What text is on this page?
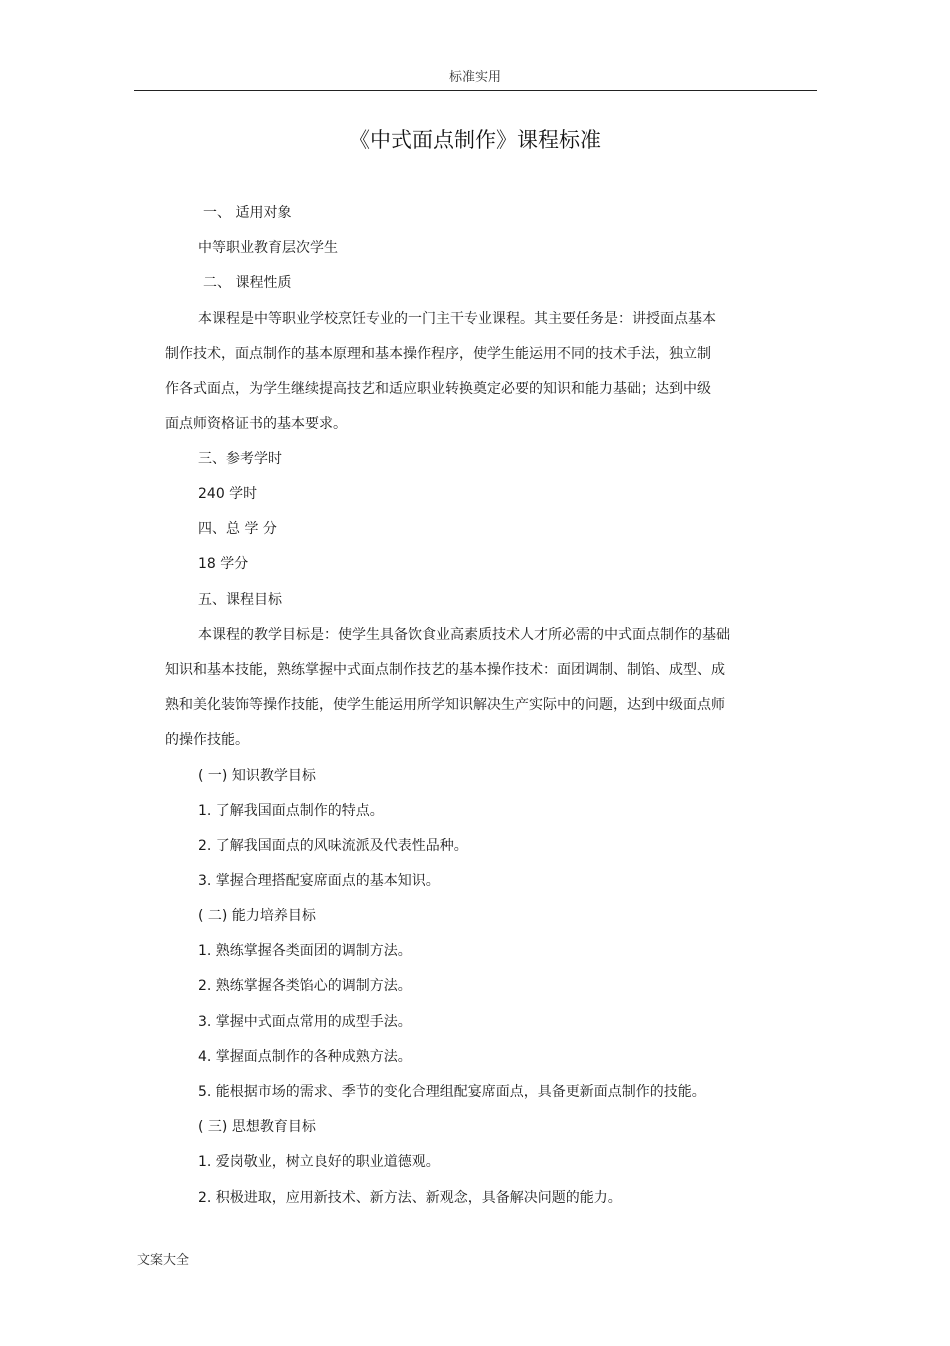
标准实用
《中式面点制作》课程标准
一、 适用对象
中等职业教育层次学生
二、 课程性质
本课程是中等职业学校烹饪专业的一门主干专业课程。其主要任务是：讲授面点基本
制作技术，面点制作的基本原理和基本操作程序，使学生能运用不同的技术手法，独立制
作各式面点，为学生继续提高技艺和适应职业转换奠定必要的知识和能力基础；达到中级
面点师资格证书的基本要求。
三、参考学时
240 学时
四、总 学 分
18 学分
五、课程目标
本课程的教学目标是：使学生具备饮食业高素质技术人才所必需的中式面点制作的基础
知识和基本技能，熟练掌握中式面点制作技艺的基本操作技术：面团调制、制馅、成型、成
熟和美化装饰等操作技能，使学生能运用所学知识解决生产实际中的问题，达到中级面点师
的操作技能。
( 一) 知识教学目标
1. 了解我国面点制作的特点。
2. 了解我国面点的风味流派及代表性品种。
3. 掌握合理搭配宴席面点的基本知识。
( 二) 能力培养目标
1. 熟练掌握各类面团的调制方法。
2. 熟练掌握各类馅心的调制方法。
3. 掌握中式面点常用的成型手法。
4. 掌握面点制作的各种成熟方法。
5. 能根据市场的需求、季节的变化合理组配宴席面点，具备更新面点制作的技能。
( 三) 思想教育目标
1. 爱岗敬业，树立良好的职业道德观。
2. 积极进取，应用新技术、新方法、新观念，具备解决问题的能力。
文案大全
